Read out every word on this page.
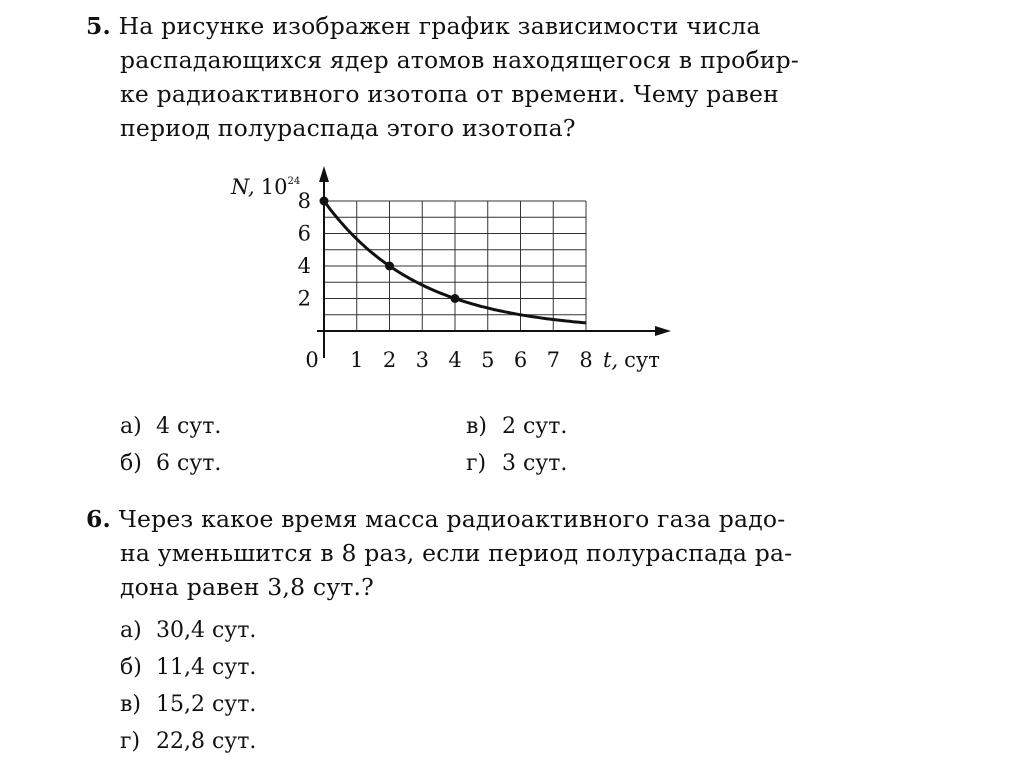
5. На рисунке изображен график зависимости числа
распадающихся ядер атомов находящегося в пробир-
ке радиоактивного изотопа от времени. Чему равен
период полураспада этого изотопа?
1 2 3 4 5 6 7 8
0
2
4
6
8
N, $10^{24}$
t, сут
а) 4 сут.
б) 6 сут.
в) 2 сут.
г) 3 сут.
6. Через какое время масса радиоактивного газа радо-
на уменьшится в 8 раз, если период полураспада ра-
дона равен 3,8 сут.?
а) 30,4 сут.
б) 11,4 сут.
в) 15,2 сут.
г) 22,8 сут.
